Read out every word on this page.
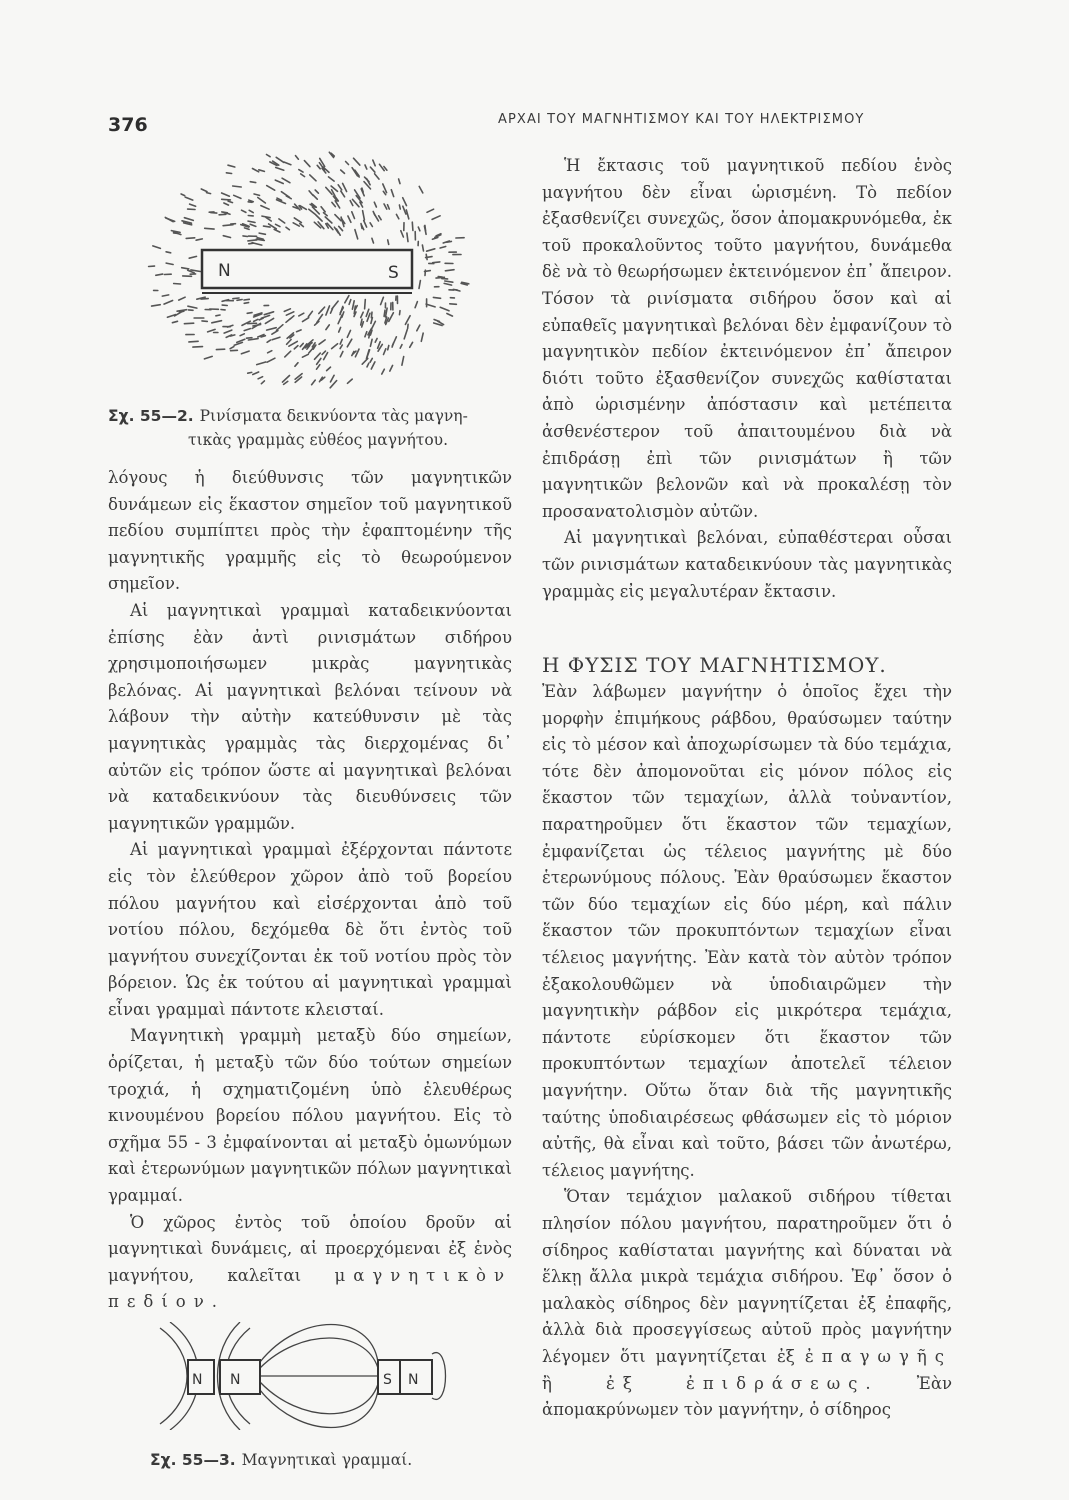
376	ΑΡΧΑΙ ΤΟΥ ΜΑΓΝΗΤΙΣΜΟΥ ΚΑΙ ΤΟΥ ΗΛΕΚΤΡΙΣΜΟΥ
N	S
Σχ. 55—2. Ρινίσματα δεικνύοντα τὰς μαγνη-
τικὰς γραμμὰς εὐθέος μαγνήτου.

λόγους ἡ διεύθυνσις τῶν μαγνητικῶν δυνάμεων εἰς ἕκαστον σημεῖον τοῦ μαγνητικοῦ πεδίου συμπίπτει πρὸς τὴν ἐφαπτομένην τῆς μαγνητικῆς γραμμῆς εἰς τὸ θεωρούμενον σημεῖον.

Αἱ μαγνητικαὶ γραμμαὶ καταδεικνύονται ἐπίσης ἐὰν ἀντὶ ρινισμάτων σιδήρου χρησιμοποιήσωμεν μικρὰς μαγνητικὰς βελόνας. Αἱ μαγνητικαὶ βελόναι τείνουν νὰ λάβουν τὴν αὐτὴν κατεύθυνσιν μὲ τὰς μαγνητικὰς γραμμὰς τὰς διερχομένας δι᾽ αὐτῶν εἰς τρόπον ὥστε αἱ μαγνητικαὶ βελόναι νὰ καταδεικνύουν τὰς διευθύνσεις τῶν μαγνητικῶν γραμμῶν.

Αἱ μαγνητικαὶ γραμμαὶ ἐξέρχονται πάντοτε εἰς τὸν ἐλεύθερον χῶρον ἀπὸ τοῦ βορείου πόλου μαγνήτου καὶ εἰσέρχονται ἀπὸ τοῦ νοτίου πόλου, δεχόμεθα δὲ ὅτι ἐντὸς τοῦ μαγνήτου συνεχίζονται ἐκ τοῦ νοτίου πρὸς τὸν βόρειον. Ὡς ἐκ τούτου αἱ μαγνητικαὶ γραμμαὶ εἶναι γραμμαὶ πάντοτε κλεισταί.

Μαγνητικὴ γραμμὴ μεταξὺ δύο σημείων, ὁρίζεται, ἡ μεταξὺ τῶν δύο τούτων σημείων τροχιά, ἡ σχηματιζομένη ὑπὸ ἐλευθέρως κινουμένου βορείου πόλου μαγνήτου. Εἰς τὸ σχῆμα 55 - 3 ἐμφαίνονται αἱ μεταξὺ ὁμωνύμων καὶ ἑτερωνύμων μαγνητικῶν πόλων μαγνητικαὶ γραμμαί.

Ὁ χῶρος ἐντὸς τοῦ ὁποίου δροῦν αἱ μαγνητικαὶ δυνάμεις, αἱ προερχόμεναι ἐξ ἑνὸς μαγνήτου, καλεῖται μαγνητικὸν πεδίον.

N N	S N
Σχ. 55—3. Μαγνητικαὶ γραμμαί.

Ἡ ἔκτασις τοῦ μαγνητικοῦ πεδίου ἑνὸς μαγνήτου δὲν εἶναι ὡρισμένη. Τὸ πεδίον ἐξασθενίζει συνεχῶς, ὅσον ἀπομακρυνόμεθα, ἐκ τοῦ προκαλοῦντος τοῦτο μαγνήτου, δυνάμεθα δὲ νὰ τὸ θεωρήσωμεν ἐκτεινόμενον ἐπ᾽ ἄπειρον. Τόσον τὰ ρινίσματα σιδήρου ὅσον καὶ αἱ εὐπαθεῖς μαγνητικαὶ βελόναι δὲν ἐμφανίζουν τὸ μαγνητικὸν πεδίον ἐκτεινόμενον ἐπ᾽ ἄπειρον διότι τοῦτο ἐξασθενίζον συνεχῶς καθίσταται ἀπὸ ὡρισμένην ἀπόστασιν καὶ μετέπειτα ἀσθενέστερον τοῦ ἀπαιτουμένου διὰ νὰ ἐπιδράσῃ ἐπὶ τῶν ρινισμάτων ἢ τῶν μαγνητικῶν βελονῶν καὶ νὰ προκαλέσῃ τὸν προσανατολισμὸν αὐτῶν.

Αἱ μαγνητικαὶ βελόναι, εὐπαθέστεραι οὖσαι τῶν ρινισμάτων καταδεικνύουν τὰς μαγνητικὰς γραμμὰς εἰς μεγαλυτέραν ἔκτασιν.

Η ΦΥΣΙΣ ΤΟΥ ΜΑΓΝΗΤΙΣΜΟΥ.

Ἐὰν λάβωμεν μαγνήτην ὁ ὁποῖος ἔχει τὴν μορφὴν ἐπιμήκους ράβδου, θραύσωμεν ταύτην εἰς τὸ μέσον καὶ ἀποχωρίσωμεν τὰ δύο τεμάχια, τότε δὲν ἀπομονοῦται εἰς μόνον πόλος εἰς ἕκαστον τῶν τεμαχίων, ἀλλὰ τοὐναντίον, παρατηροῦμεν ὅτι ἕκαστον τῶν τεμαχίων, ἐμφανίζεται ὡς τέλειος μαγνήτης μὲ δύο ἑτερωνύμους πόλους. Ἐὰν θραύσωμεν ἕκαστον τῶν δύο τεμαχίων εἰς δύο μέρη, καὶ πάλιν ἕκαστον τῶν προκυπτόντων τεμαχίων εἶναι τέλειος μαγνήτης. Ἐὰν κατὰ τὸν αὐτὸν τρόπον ἐξακολουθῶμεν νὰ ὑποδιαιρῶμεν τὴν μαγνητικὴν ράβδον εἰς μικρότερα τεμάχια, πάντοτε εὑρίσκομεν ὅτι ἕκαστον τῶν προκυπτόντων τεμαχίων ἀποτελεῖ τέλειον μαγνήτην. Οὕτω ὅταν διὰ τῆς μαγνητικῆς ταύτης ὑποδιαιρέσεως φθάσωμεν εἰς τὸ μόριον αὐτῆς, θὰ εἶναι καὶ τοῦτο, βάσει τῶν ἀνωτέρω, τέλειος μαγνήτης.

Ὅταν τεμάχιον μαλακοῦ σιδήρου τίθεται πλησίον πόλου μαγνήτου, παρατηροῦμεν ὅτι ὁ σίδηρος καθίσταται μαγνήτης καὶ δύναται νὰ ἕλκῃ ἄλλα μικρὰ τεμάχια σιδήρου. Ἐφ᾽ ὅσον ὁ μαλακὸς σίδηρος δὲν μαγνητίζεται ἐξ ἐπαφῆς, ἀλλὰ διὰ προσεγγίσεως αὐτοῦ πρὸς μαγνήτην λέγομεν ὅτι μαγνητίζεται ἐξ ἐπαγωγῆς ἢ ἐξ ἐπιδράσεως. Ἐὰν ἀπομακρύνωμεν τὸν μαγνήτην, ὁ σίδηρος
